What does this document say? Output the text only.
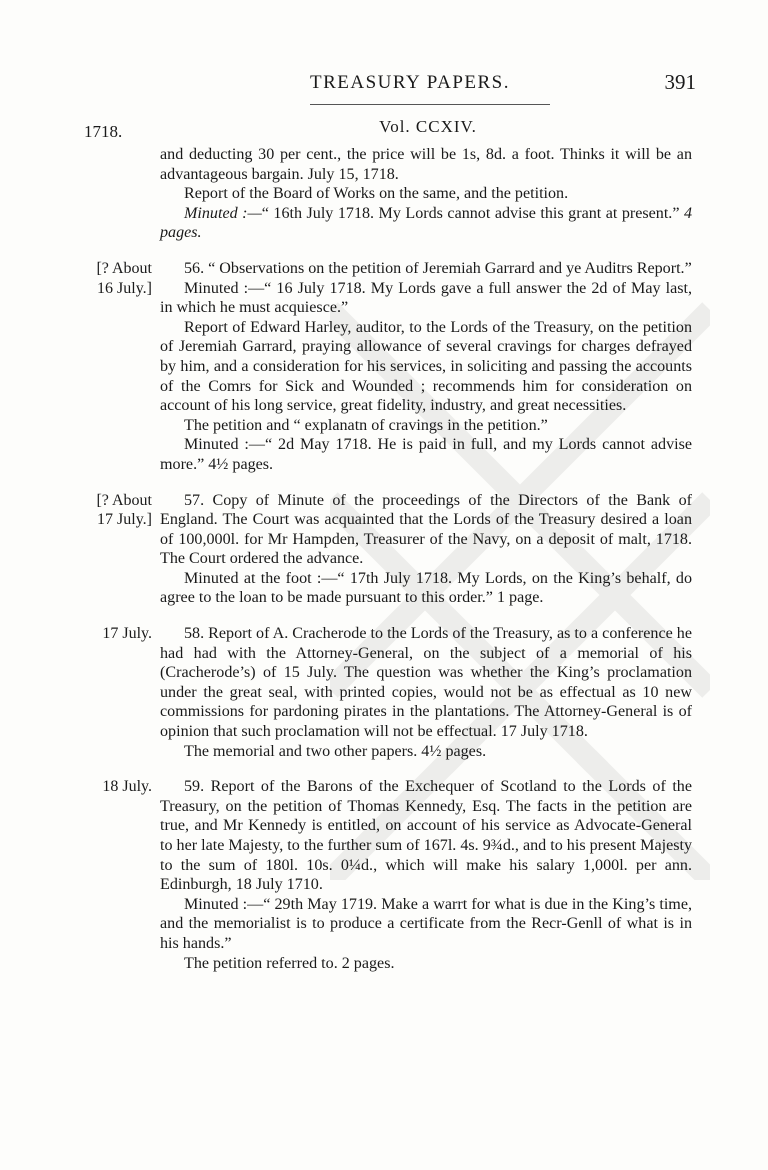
TREASURY PAPERS.	391
1718.	Vol. CCXIV.

and deducting 30 per cent., the price will be 1s, 8d. a foot. Thinks it will be an advantageous bargain. July 15, 1718.

Report of the Board of Works on the same, and the petition.

Minuted :—“ 16th July 1718. My Lords cannot advise this grant at present.” 4 pages.

[? About
16 July.]

56. “ Observations on the petition of Jeremiah Garrard and ye Auditrs Report.”

Minuted :—“ 16 July 1718. My Lords gave a full answer the 2d of May last, in which he must acquiesce.”

Report of Edward Harley, auditor, to the Lords of the Treasury, on the petition of Jeremiah Garrard, praying allowance of several cravings for charges defrayed by him, and a consideration for his services, in soliciting and passing the accounts of the Comrs for Sick and Wounded ; recommends him for consideration on account of his long service, great fidelity, industry, and great necessities.

The petition and “ explanatn of cravings in the petition.”

Minuted :—“ 2d May 1718. He is paid in full, and my Lords cannot advise more.” 4½ pages.

[? About
17 July.]

57. Copy of Minute of the proceedings of the Directors of the Bank of England. The Court was acquainted that the Lords of the Treasury desired a loan of 100,000l. for Mr Hampden, Treasurer of the Navy, on a deposit of malt, 1718. The Court ordered the advance.

Minuted at the foot :—“ 17th July 1718. My Lords, on the King’s behalf, do agree to the loan to be made pursuant to this order.” 1 page.

17 July.	58. Report of A. Cracherode to the Lords of the Treasury, as to a conference he had had with the Attorney-General, on the subject of a memorial of his (Cracherode’s) of 15 July. The question was whether the King’s proclamation under the great seal, with printed copies, would not be as effectual as 10 new commissions for pardoning pirates in the plantations. The Attorney-General is of opinion that such proclamation will not be effectual. 17 July 1718.

The memorial and two other papers. 4½ pages.

18 July.	59. Report of the Barons of the Exchequer of Scotland to the Lords of the Treasury, on the petition of Thomas Kennedy, Esq. The facts in the petition are true, and Mr Kennedy is entitled, on account of his service as Advocate-General to her late Majesty, to the further sum of 167l. 4s. 9¾d., and to his present Majesty to the sum of 180l. 10s. 0¼d., which will make his salary 1,000l. per ann. Edinburgh, 18 July 1710.

Minuted :—“ 29th May 1719. Make a warrt for what is due in the King’s time, and the memorialist is to produce a certificate from the Recr-Genll of what is in his hands.”

The petition referred to. 2 pages.
